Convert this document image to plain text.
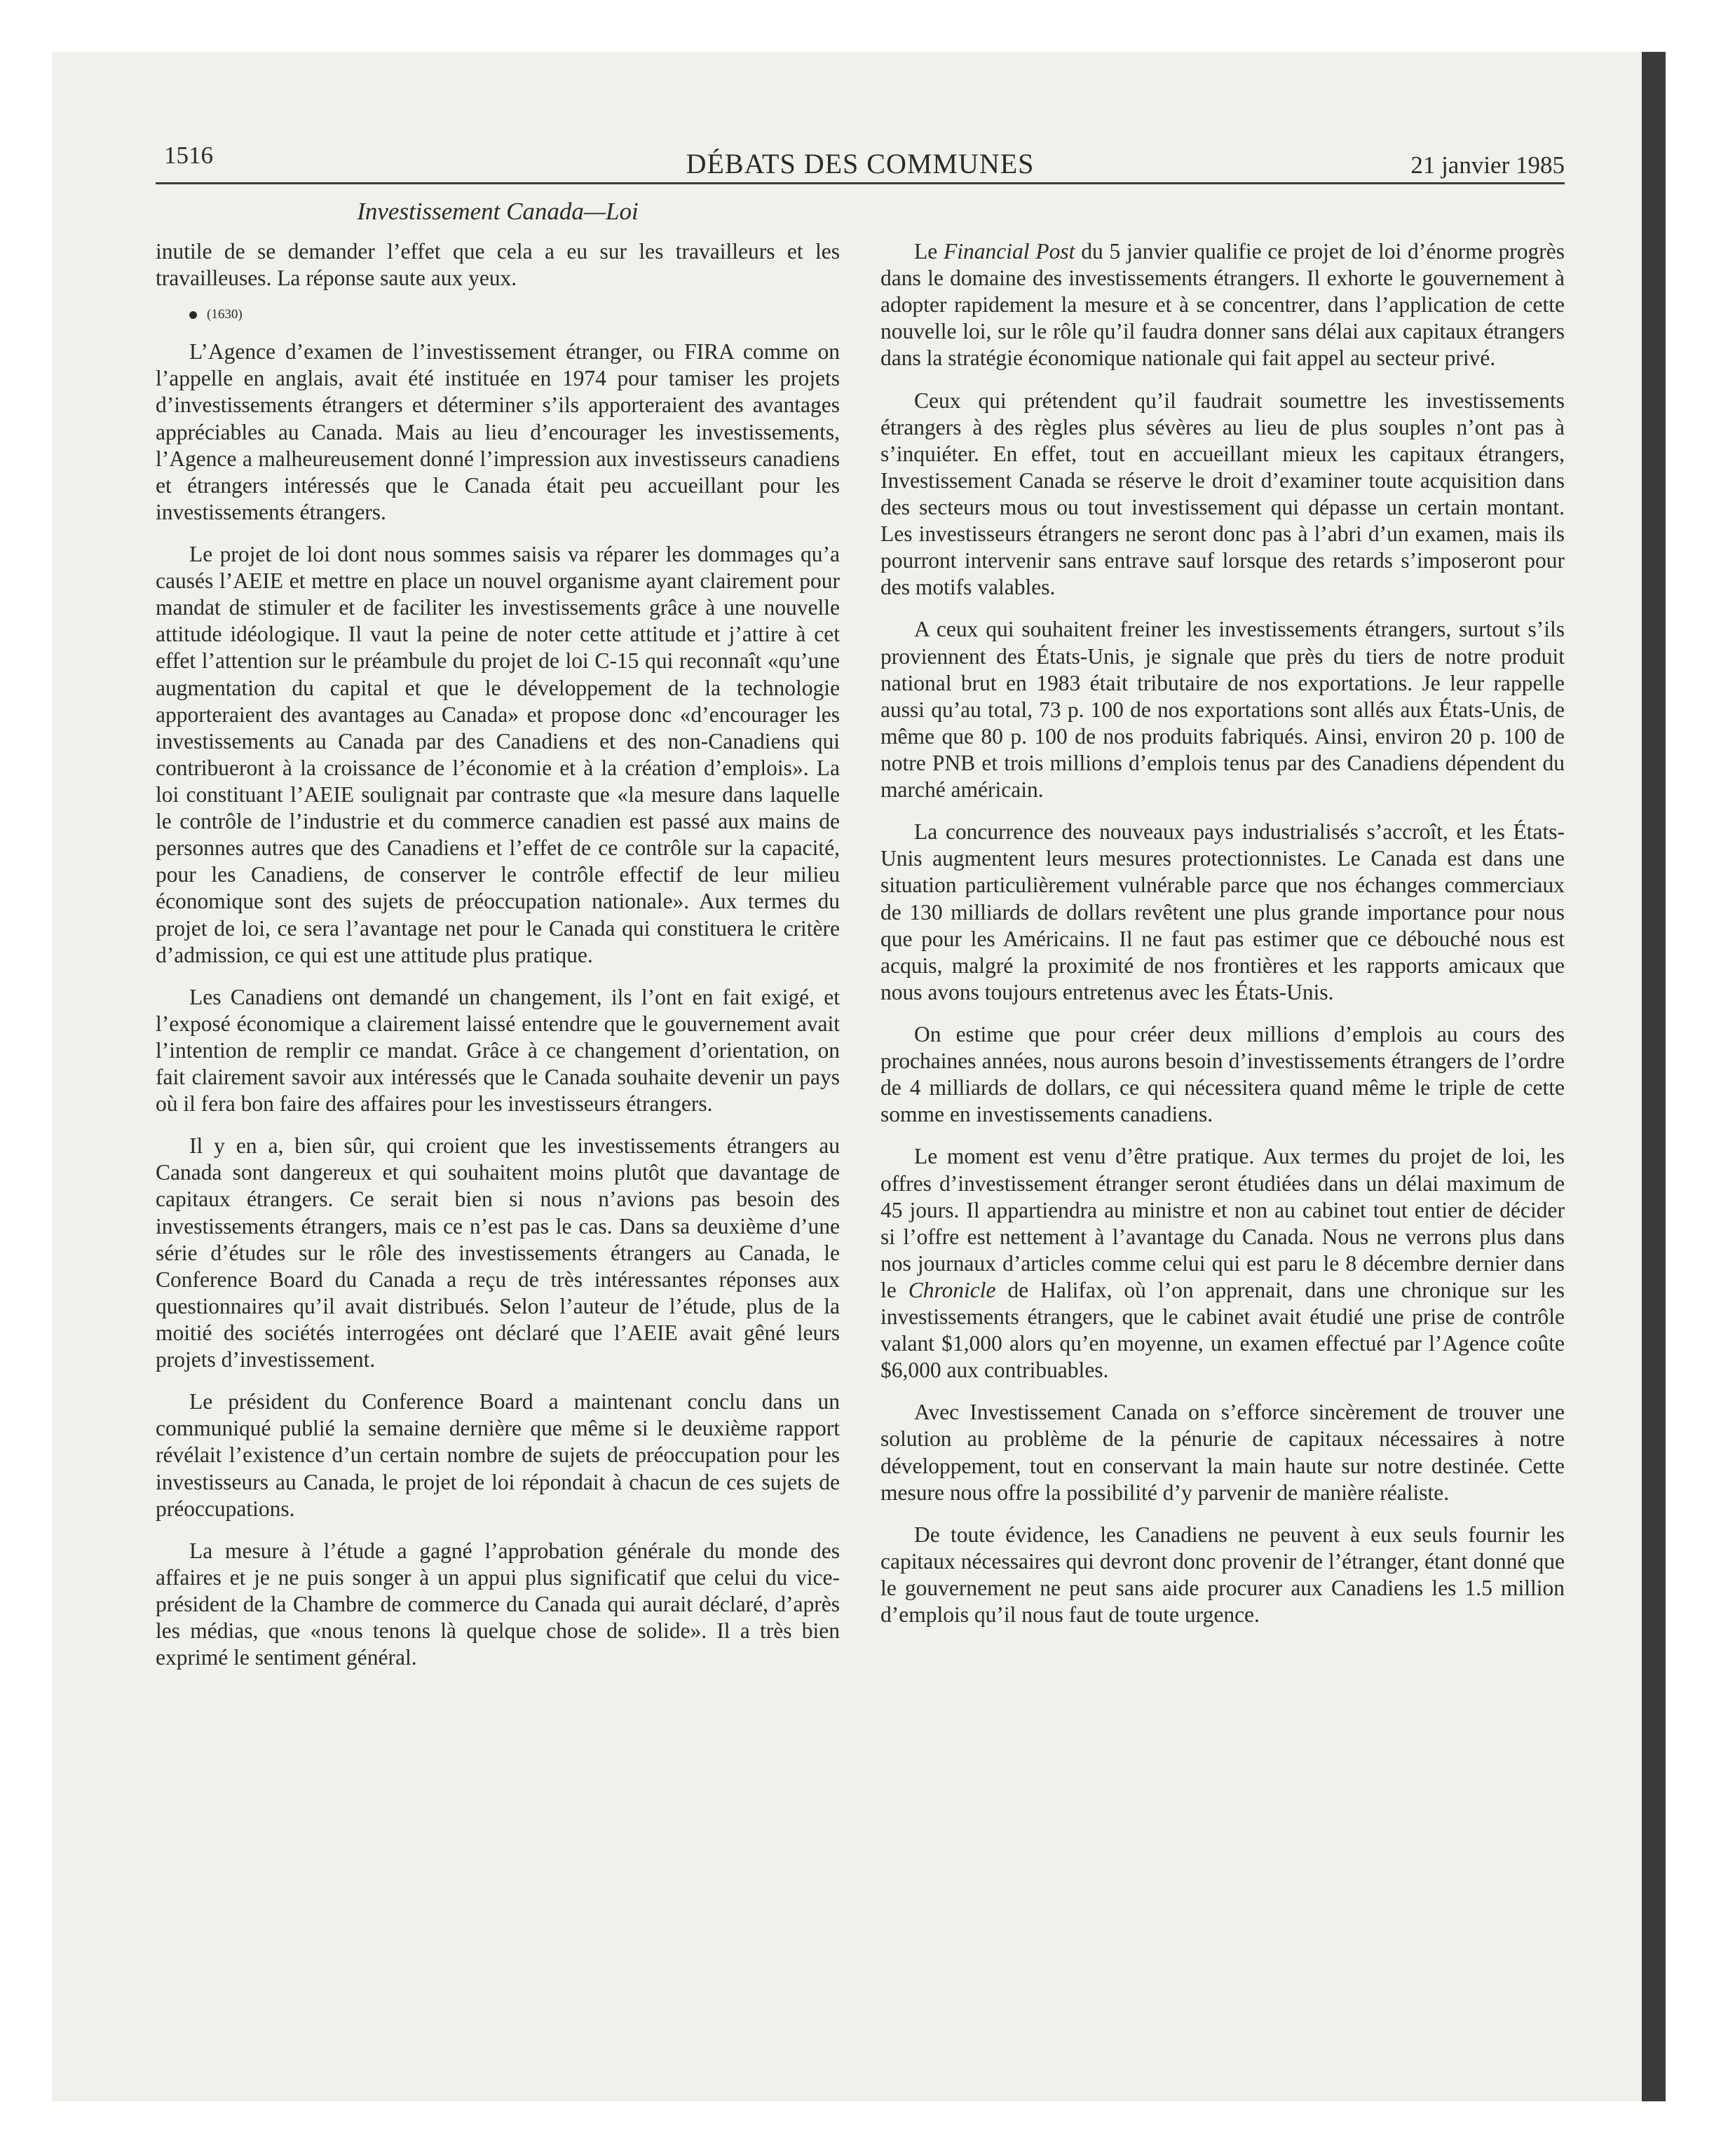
1516	DÉBATS DES COMMUNES	21 janvier 1985
Investissement Canada—Loi

inutile de se demander l’effet que cela a eu sur les travailleurs et les travailleuses. La réponse saute aux yeux.

(1630)

L’Agence d’examen de l’investissement étranger, ou FIRA comme on l’appelle en anglais, avait été instituée en 1974 pour tamiser les projets d’investissements étrangers et déterminer s’ils apporteraient des avantages appréciables au Canada. Mais au lieu d’encourager les investissements, l’Agence a malheureusement donné l’impression aux investisseurs canadiens et étrangers intéressés que le Canada était peu accueillant pour les investissements étrangers.

Le projet de loi dont nous sommes saisis va réparer les dommages qu’a causés l’AEIE et mettre en place un nouvel organisme ayant clairement pour mandat de stimuler et de faciliter les investissements grâce à une nouvelle attitude idéologique. Il vaut la peine de noter cette attitude et j’attire à cet effet l’attention sur le préambule du projet de loi C-15 qui reconnaît «qu’une augmentation du capital et que le développement de la technologie apporteraient des avantages au Canada» et propose donc «d’encourager les investissements au Canada par des Canadiens et des non-Canadiens qui contribueront à la croissance de l’économie et à la création d’emplois». La loi constituant l’AEIE soulignait par contraste que «la mesure dans laquelle le contrôle de l’industrie et du commerce canadien est passé aux mains de personnes autres que des Canadiens et l’effet de ce contrôle sur la capacité, pour les Canadiens, de conserver le contrôle effectif de leur milieu économique sont des sujets de préoccupation nationale». Aux termes du projet de loi, ce sera l’avantage net pour le Canada qui constituera le critère d’admission, ce qui est une attitude plus pratique.

Les Canadiens ont demandé un changement, ils l’ont en fait exigé, et l’exposé économique a clairement laissé entendre que le gouvernement avait l’intention de remplir ce mandat. Grâce à ce changement d’orientation, on fait clairement savoir aux intéressés que le Canada souhaite devenir un pays où il fera bon faire des affaires pour les investisseurs étrangers.

Il y en a, bien sûr, qui croient que les investissements étrangers au Canada sont dangereux et qui souhaitent moins plutôt que davantage de capitaux étrangers. Ce serait bien si nous n’avions pas besoin des investissements étrangers, mais ce n’est pas le cas. Dans sa deuxième d’une série d’études sur le rôle des investissements étrangers au Canada, le Conference Board du Canada a reçu de très intéressantes réponses aux questionnaires qu’il avait distribués. Selon l’auteur de l’étude, plus de la moitié des sociétés interrogées ont déclaré que l’AEIE avait gêné leurs projets d’investissement.

Le président du Conference Board a maintenant conclu dans un communiqué publié la semaine dernière que même si le deuxième rapport révélait l’existence d’un certain nombre de sujets de préoccupation pour les investisseurs au Canada, le projet de loi répondait à chacun de ces sujets de préoccupations.

La mesure à l’étude a gagné l’approbation générale du monde des affaires et je ne puis songer à un appui plus significatif que celui du vice-président de la Chambre de commerce du Canada qui aurait déclaré, d’après les médias, que «nous tenons là quelque chose de solide». Il a très bien exprimé le sentiment général.

Le Financial Post du 5 janvier qualifie ce projet de loi d’énorme progrès dans le domaine des investissements étrangers. Il exhorte le gouvernement à adopter rapidement la mesure et à se concentrer, dans l’application de cette nouvelle loi, sur le rôle qu’il faudra donner sans délai aux capitaux étrangers dans la stratégie économique nationale qui fait appel au secteur privé.

Ceux qui prétendent qu’il faudrait soumettre les investissements étrangers à des règles plus sévères au lieu de plus souples n’ont pas à s’inquiéter. En effet, tout en accueillant mieux les capitaux étrangers, Investissement Canada se réserve le droit d’examiner toute acquisition dans des secteurs mous ou tout investissement qui dépasse un certain montant. Les investisseurs étrangers ne seront donc pas à l’abri d’un examen, mais ils pourront intervenir sans entrave sauf lorsque des retards s’imposeront pour des motifs valables.

A ceux qui souhaitent freiner les investissements étrangers, surtout s’ils proviennent des États-Unis, je signale que près du tiers de notre produit national brut en 1983 était tributaire de nos exportations. Je leur rappelle aussi qu’au total, 73 p. 100 de nos exportations sont allés aux États-Unis, de même que 80 p. 100 de nos produits fabriqués. Ainsi, environ 20 p. 100 de notre PNB et trois millions d’emplois tenus par des Canadiens dépendent du marché américain.

La concurrence des nouveaux pays industrialisés s’accroît, et les États-Unis augmentent leurs mesures protectionnistes. Le Canada est dans une situation particulièrement vulnérable parce que nos échanges commerciaux de 130 milliards de dollars revêtent une plus grande importance pour nous que pour les Américains. Il ne faut pas estimer que ce débouché nous est acquis, malgré la proximité de nos frontières et les rapports amicaux que nous avons toujours entretenus avec les États-Unis.

On estime que pour créer deux millions d’emplois au cours des prochaines années, nous aurons besoin d’investissements étrangers de l’ordre de 4 milliards de dollars, ce qui nécessitera quand même le triple de cette somme en investissements canadiens.

Le moment est venu d’être pratique. Aux termes du projet de loi, les offres d’investissement étranger seront étudiées dans un délai maximum de 45 jours. Il appartiendra au ministre et non au cabinet tout entier de décider si l’offre est nettement à l’avantage du Canada. Nous ne verrons plus dans nos journaux d’articles comme celui qui est paru le 8 décembre dernier dans le Chronicle de Halifax, où l’on apprenait, dans une chronique sur les investissements étrangers, que le cabinet avait étudié une prise de contrôle valant $1,000 alors qu’en moyenne, un examen effectué par l’Agence coûte $6,000 aux contribuables.

Avec Investissement Canada on s’efforce sincèrement de trouver une solution au problème de la pénurie de capitaux nécessaires à notre développement, tout en conservant la main haute sur notre destinée. Cette mesure nous offre la possibilité d’y parvenir de manière réaliste.

De toute évidence, les Canadiens ne peuvent à eux seuls fournir les capitaux nécessaires qui devront donc provenir de l’étranger, étant donné que le gouvernement ne peut sans aide procurer aux Canadiens les 1.5 million d’emplois qu’il nous faut de toute urgence.
